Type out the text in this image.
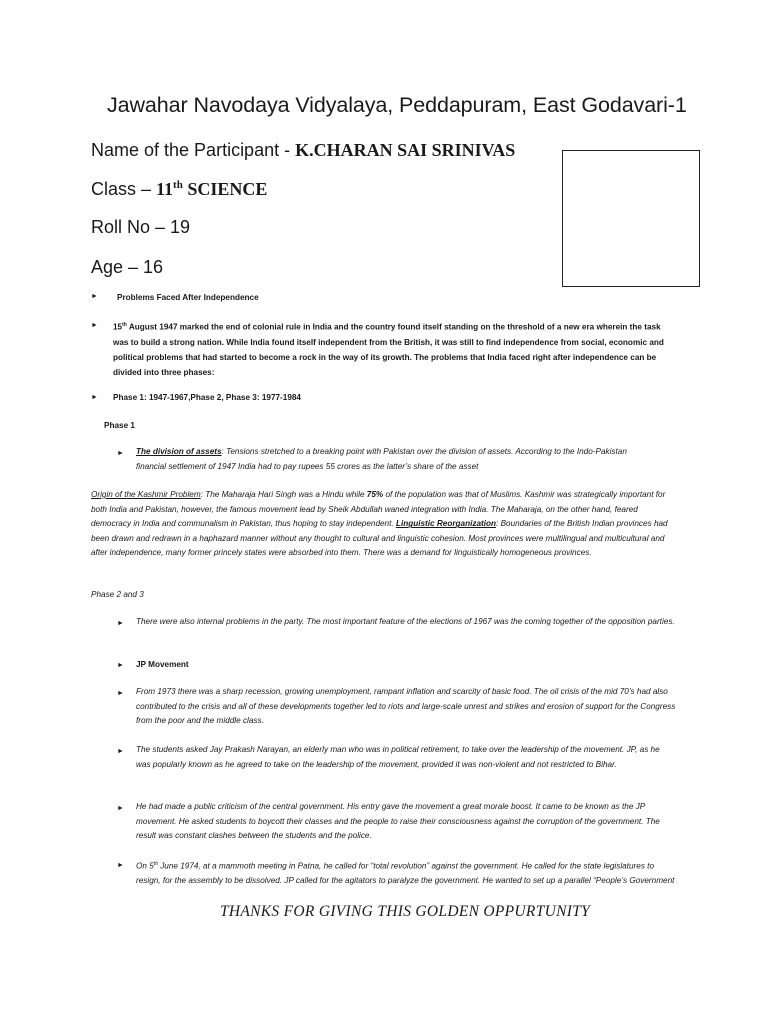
Jawahar Navodaya Vidyalaya, Peddapuram, East Godavari-1
Name of the Participant - K.CHARAN SAI SRINIVAS
Class – 11th SCIENCE
Roll No – 19
Age – 16
► Problems Faced After Independence
► 15th August 1947 marked the end of colonial rule in India and the country found itself standing on the threshold of a new era wherein the task was to build a strong nation. While India found itself independent from the British, it was still to find independence from social, economic and political problems that had started to become a rock in the way of its growth. The problems that India faced right after independence can be divided into three phases:
► Phase 1: 1947-1967,Phase 2, Phase 3: 1977-1984
Phase 1
► The division of assets: Tensions stretched to a breaking point with Pakistan over the division of assets. According to the Indo-Pakistan financial settlement of 1947 India had to pay rupees 55 crores as the latter’s share of the asset
Origin of the Kashmir Problem: The Maharaja Hari Singh was a Hindu while 75% of the population was that of Muslims. Kashmir was strategically important for both India and Pakistan, however, the famous movement lead by Sheik Abdullah waned integration with India. The Maharaja, on the other hand, feared democracy in India and communalism in Pakistan, thus hoping to stay independent. Linguistic Reorganization: Boundaries of the British Indian provinces had been drawn and redrawn in a haphazard manner without any thought to cultural and linguistic cohesion. Most provinces were multilingual and multicultural and after independence, many former princely states were absorbed into them. There was a demand for linguistically homogeneous provinces.
Phase 2 and 3
► There were also internal problems in the party. The most important feature of the elections of 1967 was the coming together of the opposition parties.
► JP Movement
► From 1973 there was a sharp recession, growing unemployment, rampant inflation and scarcity of basic food. The oil crisis of the mid 70’s had also contributed to the crisis and all of these developments together led to riots and large-scale unrest and strikes and erosion of support for the Congress from the poor and the middle class.
► The students asked Jay Prakash Narayan, an elderly man who was in political retirement, to take over the leadership of the movement. JP, as he was popularly known as he agreed to take on the leadership of the movement, provided it was non-violent and not restricted to Bihar.
► He had made a public criticism of the central government. His entry gave the movement a great morale boost. It came to be known as the JP movement. He asked students to boycott their classes and the people to raise their consciousness against the corruption of the government. The result was constant clashes between the students and the police.
► On 5th June 1974, at a mammoth meeting in Patna, he called for “total revolution” against the government. He called for the state legislatures to resign, for the assembly to be dissolved. JP called for the agitators to paralyze the government. He wanted to set up a parallel “People’s Government
THANKS FOR GIVING THIS GOLDEN OPPURTUNITY
